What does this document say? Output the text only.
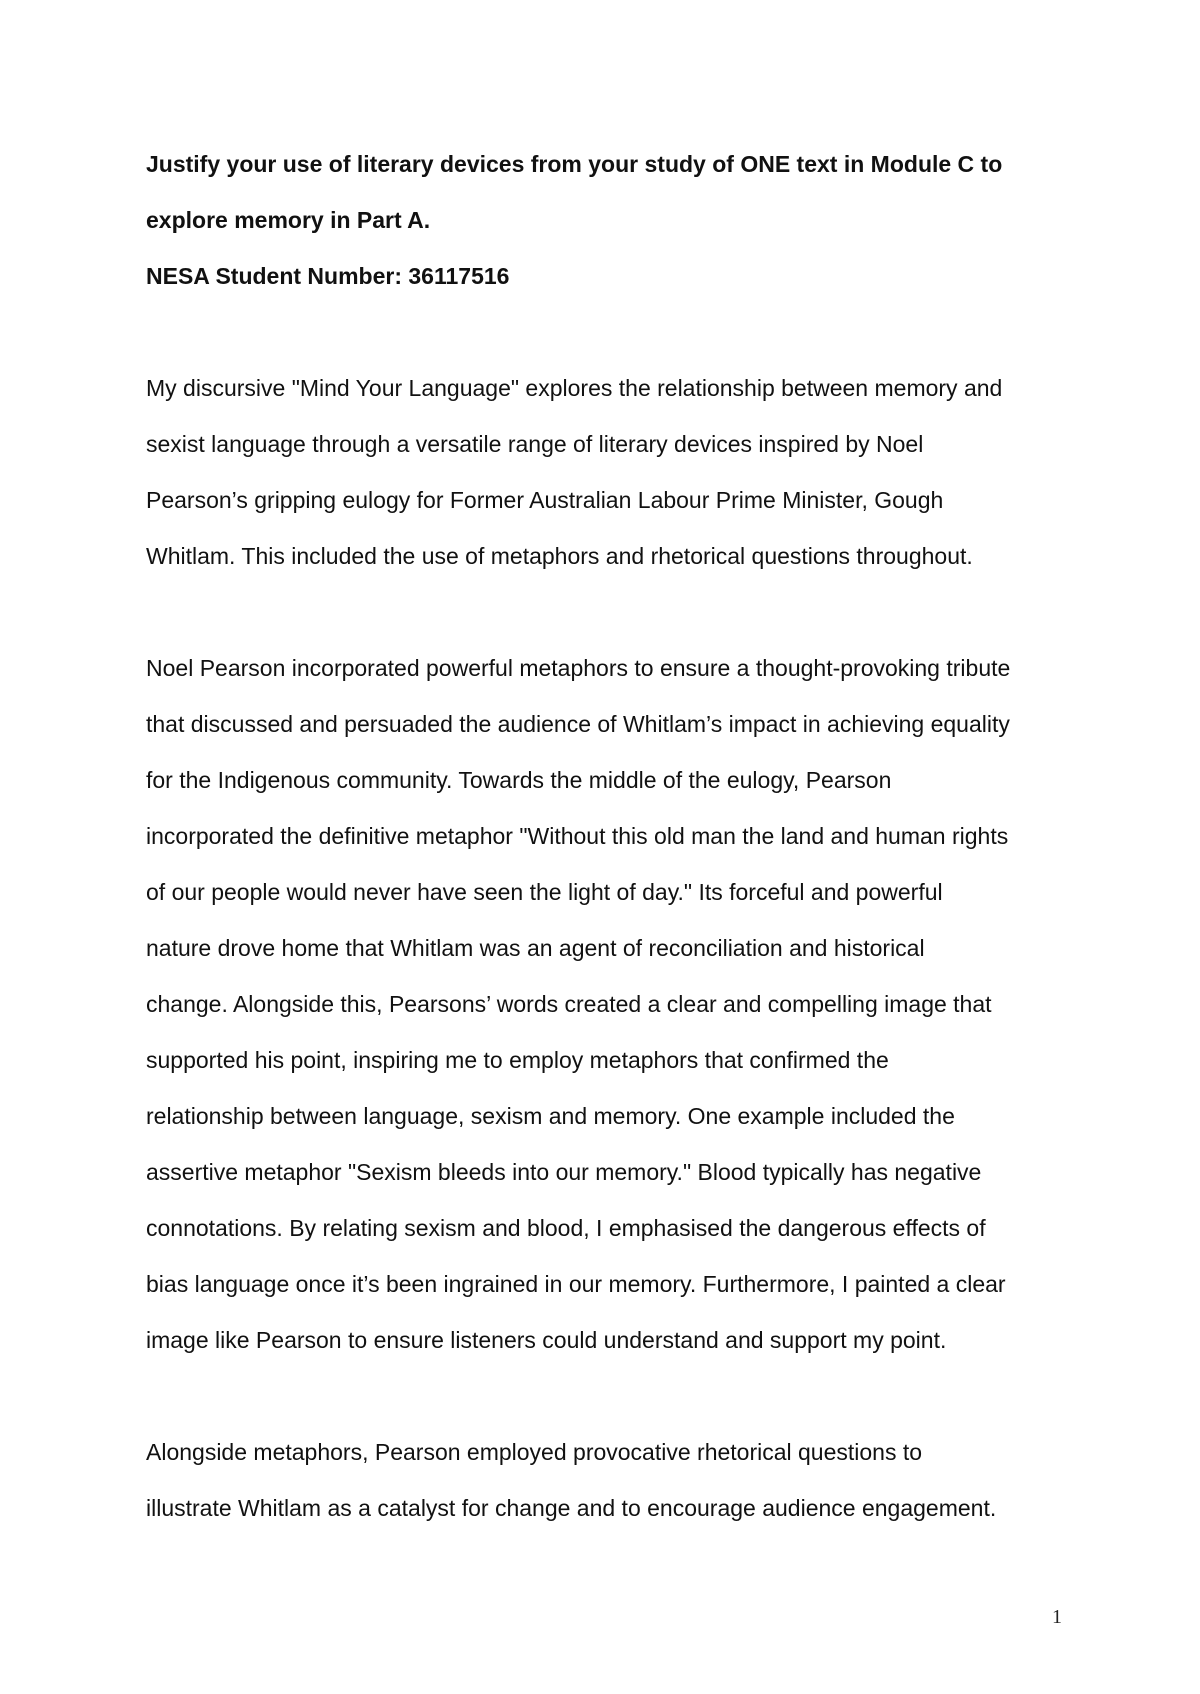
Justify your use of literary devices from your study of ONE text in Module C to
explore memory in Part A.
NESA Student Number: 36117516
My discursive "Mind Your Language" explores the relationship between memory and
sexist language through a versatile range of literary devices inspired by Noel
Pearson’s gripping eulogy for Former Australian Labour Prime Minister, Gough
Whitlam. This included the use of metaphors and rhetorical questions throughout.
Noel Pearson incorporated powerful metaphors to ensure a thought-provoking tribute
that discussed and persuaded the audience of Whitlam’s impact in achieving equality
for the Indigenous community. Towards the middle of the eulogy, Pearson
incorporated the definitive metaphor "Without this old man the land and human rights
of our people would never have seen the light of day." Its forceful and powerful
nature drove home that Whitlam was an agent of reconciliation and historical
change. Alongside this, Pearsons’ words created a clear and compelling image that
supported his point, inspiring me to employ metaphors that confirmed the
relationship between language, sexism and memory. One example included the
assertive metaphor "Sexism bleeds into our memory." Blood typically has negative
connotations. By relating sexism and blood, I emphasised the dangerous effects of
bias language once it’s been ingrained in our memory. Furthermore, I painted a clear
image like Pearson to ensure listeners could understand and support my point.
Alongside metaphors, Pearson employed provocative rhetorical questions to
illustrate Whitlam as a catalyst for change and to encourage audience engagement.
1
